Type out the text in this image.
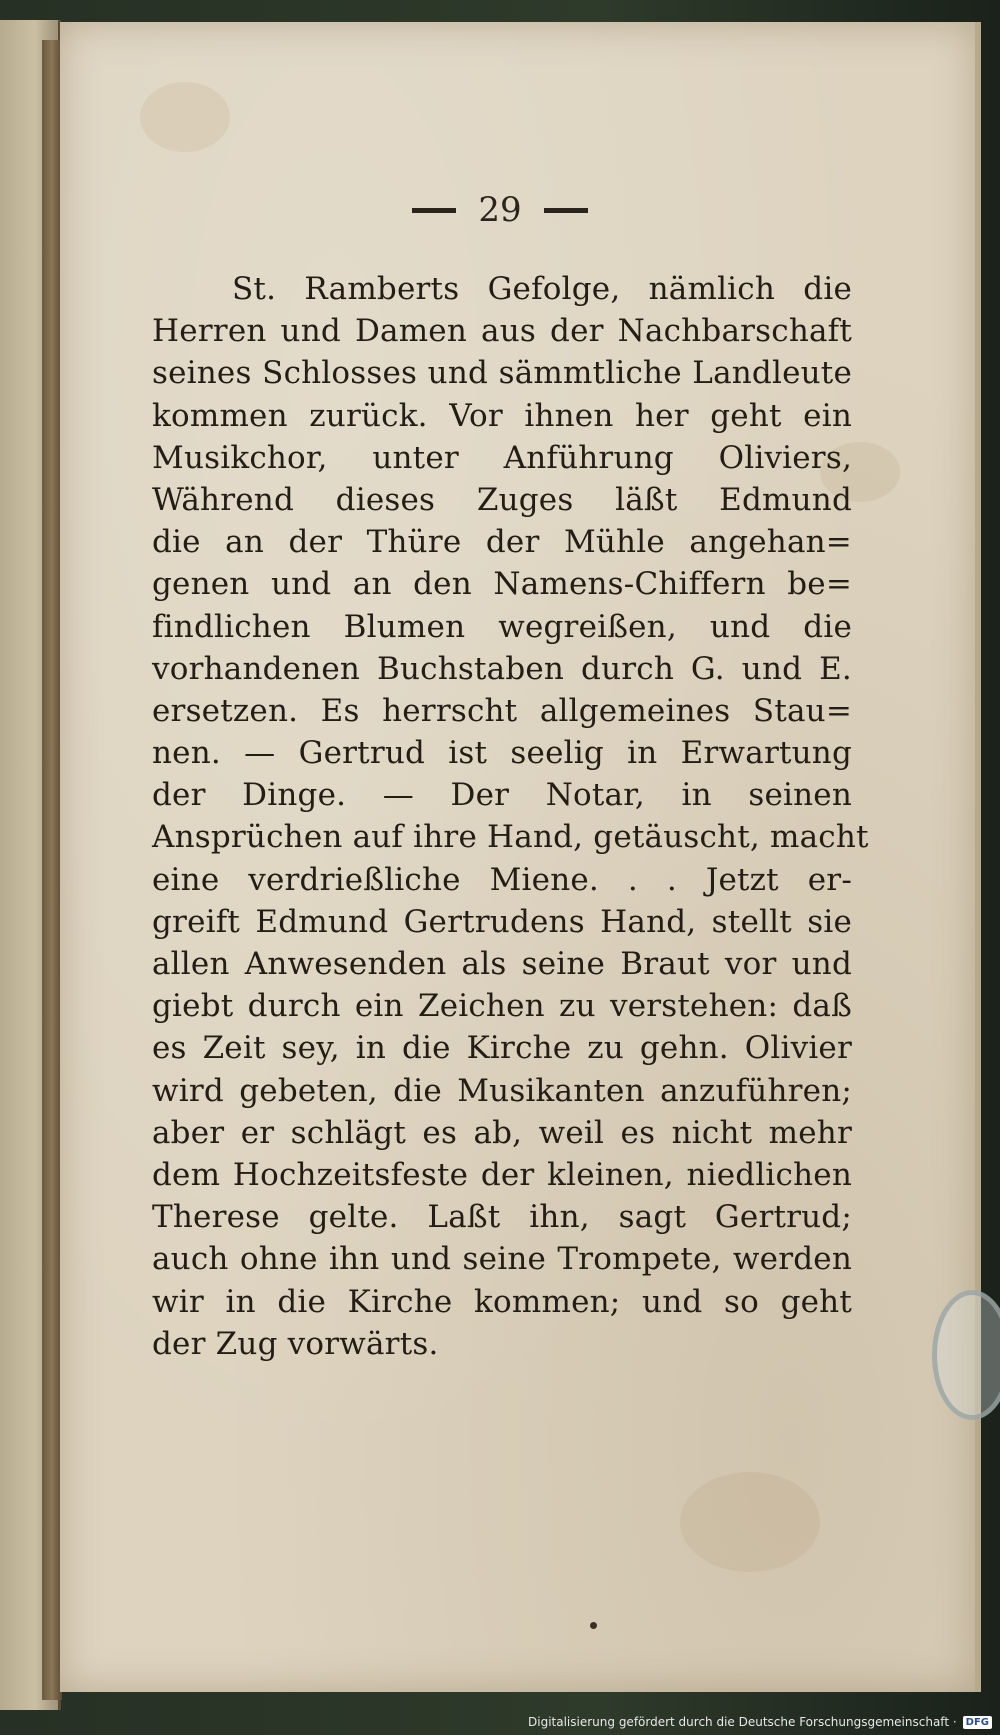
29
St. Ramberts Gefolge, nämlich die
Herren und Damen aus der Nachbarschaft
seines Schlosses und sämmtliche Landleute
kommen zurück. Vor ihnen her geht ein
Musikchor, unter Anführung Oliviers,
Während dieses Zuges läßt Edmund
die an der Thüre der Mühle angehan=
genen und an den Namens-Chiffern be=
findlichen Blumen wegreißen, und die
vorhandenen Buchstaben durch G. und E.
ersetzen. Es herrscht allgemeines Stau=
nen. — Gertrud ist seelig in Erwartung
der Dinge. — Der Notar, in seinen
Ansprüchen auf ihre Hand, getäuscht, macht
eine verdrießliche Miene. . . Jetzt er-
greift Edmund Gertrudens Hand, stellt sie
allen Anwesenden als seine Braut vor und
giebt durch ein Zeichen zu verstehen: daß
es Zeit sey, in die Kirche zu gehn. Olivier
wird gebeten, die Musikanten anzuführen;
aber er schlägt es ab, weil es nicht mehr
dem Hochzeitsfeste der kleinen, niedlichen
Therese gelte. Laßt ihn, sagt Gertrud;
auch ohne ihn und seine Trompete, werden
wir in die Kirche kommen; und so geht
der Zug vorwärts.
Digitalisierung gefördert durch die Deutsche Forschungsgemeinschaft · DFG
